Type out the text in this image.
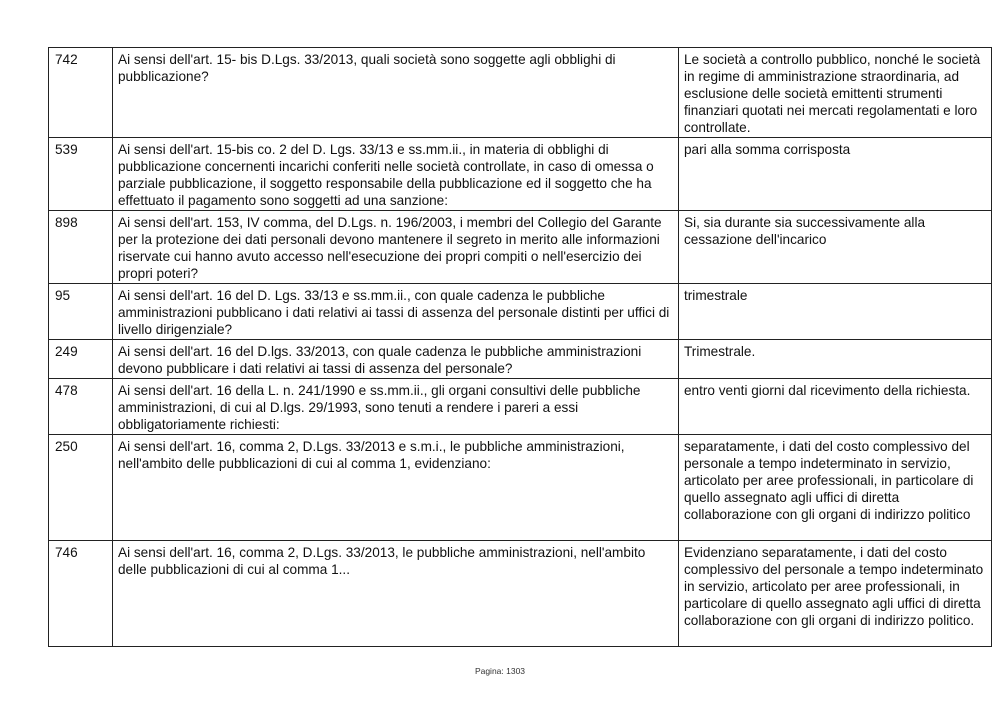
742	Ai sensi dell'art. 15- bis D.Lgs. 33/2013, quali società sono soggette agli obblighi di pubblicazione?	Le società a controllo pubblico, nonché le società in regime di amministrazione straordinaria, ad esclusione delle società emittenti strumenti finanziari quotati nei mercati regolamentati e loro controllate.
539	Ai sensi dell'art. 15-bis co. 2 del D. Lgs. 33/13 e ss.mm.ii., in materia di obblighi di pubblicazione concernenti incarichi conferiti nelle società controllate, in caso di omessa o parziale pubblicazione, il soggetto responsabile della pubblicazione ed il soggetto che ha effettuato il pagamento sono soggetti ad una sanzione:	pari alla somma corrisposta
898	Ai sensi dell'art. 153, IV comma, del D.Lgs. n. 196/2003, i membri del Collegio del Garante per la protezione dei dati personali devono mantenere il segreto in merito alle informazioni riservate cui hanno avuto accesso nell'esecuzione dei propri compiti o nell'esercizio dei propri poteri?	Si, sia durante sia successivamente alla cessazione dell'incarico
95	Ai sensi dell'art. 16 del D. Lgs. 33/13 e ss.mm.ii., con quale cadenza le pubbliche amministrazioni pubblicano i dati relativi ai tassi di assenza del personale distinti per uffici di livello dirigenziale?	trimestrale
249	Ai sensi dell'art. 16 del D.lgs. 33/2013, con quale cadenza le pubbliche amministrazioni devono pubblicare i dati relativi ai tassi di assenza del personale?	Trimestrale.
478	Ai sensi dell'art. 16 della L. n. 241/1990 e ss.mm.ii., gli organi consultivi delle pubbliche amministrazioni, di cui al D.lgs. 29/1993, sono tenuti a rendere i pareri a essi obbligatoriamente richiesti:	entro venti giorni dal ricevimento della richiesta.
250	Ai sensi dell'art. 16, comma 2, D.Lgs. 33/2013 e s.m.i., le pubbliche amministrazioni, nell'ambito delle pubblicazioni di cui al comma 1, evidenziano:	separatamente, i dati del costo complessivo del personale a tempo indeterminato in servizio, articolato per aree professionali, in particolare di quello assegnato agli uffici di diretta collaborazione con gli organi di indirizzo politico
746	Ai sensi dell'art. 16, comma 2, D.Lgs. 33/2013, le pubbliche amministrazioni, nell'ambito delle pubblicazioni di cui al comma 1...	Evidenziano separatamente, i dati del costo complessivo del personale a tempo indeterminato in servizio, articolato per aree professionali, in particolare di quello assegnato agli uffici di diretta collaborazione con gli organi di indirizzo politico.
Pagina: 1303
